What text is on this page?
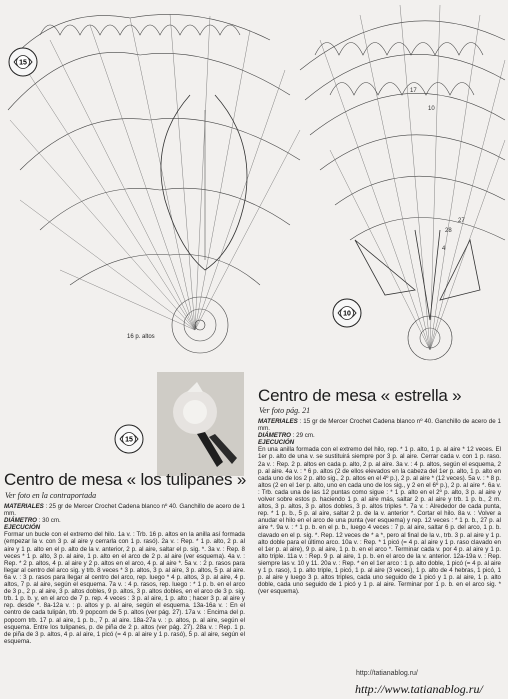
17
10
28
27
4
15
10
16 p. altos
15
Centro de mesa « los tulipanes »
Ver foto en la contraportada
MATERIALES : 25 gr de Mercer Crochet Cadena blanco nº 40. Ganchillo de acero de 1 mm.
DIÁMETRO : 30 cm.
EJECUCIÓN
Formar un bucle con el extremo del hilo. 1a v. : Trb. 16 p. altos en la anilla así formada (empezar la v. con 3 p. al aire y cerrarla con 1 p. rasó). 2a v. : Rep. * 1 p. alto, 2 p. al aire y 1 p. alto en el p. alto de la v. anterior, 2 p. al aire, saltar el p. sig. *. 3a v. : Rep. 8 veces * 1 p. alto, 3 p. al aire, 1 p. alto en el arco de 2 p. al aire (ver esquema). 4a v. : Rep. * 2 p. altos, 4 p. al aire y 2 p. altos en el arco, 4 p. al aire *. 5a v. : 2 p. rasos para llegar al centro del arco sig. y trb. 8 veces * 3 p. altos, 3 p. al aire, 3 p. altos, 5 p. al aire. 6a v. : 3 p. rasos para llegar al centro del arco, rep. luego * 4 p. altos, 3 p. al aire, 4 p. altos, 7 p. al aire, según el esquema. 7a v. : 4 p. rasos, rep. luego : * 1 p. b. en el arco de 3 p., 2 p. al aire, 3 p. altos dobles, 9 p. altos, 3 p. altos dobles, en el arco de 3 p. sig. trb. 1 p. b. y, en el arco de 7 p. rep. 4 veces : 3 p. al aire, 1 p. alto ; hacer 3 p. al aire y rep. desde *. 8a-12a v. : p. altos y p. al aire, según el esquema. 13a-16a v. : En el centro de cada tulipán, trb. 9 popcorn de 5 p. altos (ver pág. 27). 17a v. : Encima del p. popcorn trb. 17 p. al aire, 1 p. b., 7 p. al aire. 18a-27a v. : p. altos, p. al aire, según el esquema. Entre los tulipanes, p. de piña de 2 p. altos (ver pág. 27). 28a v. : Rep. 1 p. de piña de 3 p. altos, 4 p. al aire, 1 picó (= 4 p. al aire y 1 p. rasó), 5 p. al aire, según el esquema.
Centro de mesa « estrella »
Ver foto pág. 21
MATERIALES : 15 gr de Mercer Crochet Cadena blanco nº 40. Ganchillo de acero de 1 mm.
DIÁMETRO : 29 cm.
EJECUCIÓN
En una anilla formada con el extremo del hilo, rep. * 1 p. alto, 1 p. al aire * 12 veces. El 1er p. alto de una v. se sustituirá siempre por 3 p. al aire. Cerrar cada v. con 1 p. raso. 2a v. : Rep. 2 p. altos en cada p. alto, 2 p. al aire. 3a v. : 4 p. altos, según el esquema, 2 p. al aire. 4a v. : * 6 p. altos (2 de ellos elevados en la cabeza del 1er p. alto, 1 p. alto en cada uno de los 2 p. alto sig., 2 p. altos en el 4º p.), 2 p. al aire * (12 veces). 5a v. : * 8 p. altos (2 en el 1er p. alto, uno en cada uno de los sig., y 2 en el 6º p.), 2 p. al aire *. 6a v. : Trb. cada una de las 12 puntas como sigue : * 1 p. alto en el 2º p. alto, 3 p. al aire y volver sobre estos p. haciendo 1 p. al aire más, saltar 2 p. al aire y trb. 1 p. b., 2 m. altos, 3 p. altos, 3 p. altos dobles, 3 p. altos triples *. 7a v. : Alrededor de cada punta, rep. * 1 p. b., 5 p. al aire, saltar 2 p. de la v. anterior *. Cortar el hilo. 8a v. : Volver a anudar el hilo en el arco de una punta (ver esquema) y rep. 12 veces : * 1 p. b., 27 p. al aire *. 9a v. : * 1 p. b. en el p. b., luego 4 veces : 7 p. al aire, saltar 6 p. del arco, 1 p. b. clavado en el p. sig. *. Rep. 12 veces de * a *, pero al final de la v., trb. 3 p. al aire y 1 p. alto doble para el último arco. 10a v. : Rep. * 1 picó (= 4 p. al aire y 1 p. raso clavado en el 1er p. al aire), 9 p. al aire, 1 p. b. en el arco *. Terminar cada v. por 4 p. al aire y 1 p. alto triple. 11a v. : Rep. 9 p. al aire, 1 p. b. en el arco de la v. anterior. 12a-19a v. : Rep. siempre las v. 10 y 11. 20a v. : Rep. * en el 1er arco : 1 p. alto doble, 1 picó (= 4 p. al aire y 1 p. raso), 1 p. alto triple, 1 picó, 1 p. al aire (3 veces), 1 p. alto de 4 hebras, 1 picó, 1 p. al aire y luego 3 p. altos triples, cada uno seguido de 1 picó y 1 p. al aire, 1 p. alto doble, cada uno seguido de 1 picó y 1 p. al aire. Terminar por 1 p. b. en el arco sig. * (ver esquema).
http://tatianablog.ru/
http://www.tatianablog.ru/
